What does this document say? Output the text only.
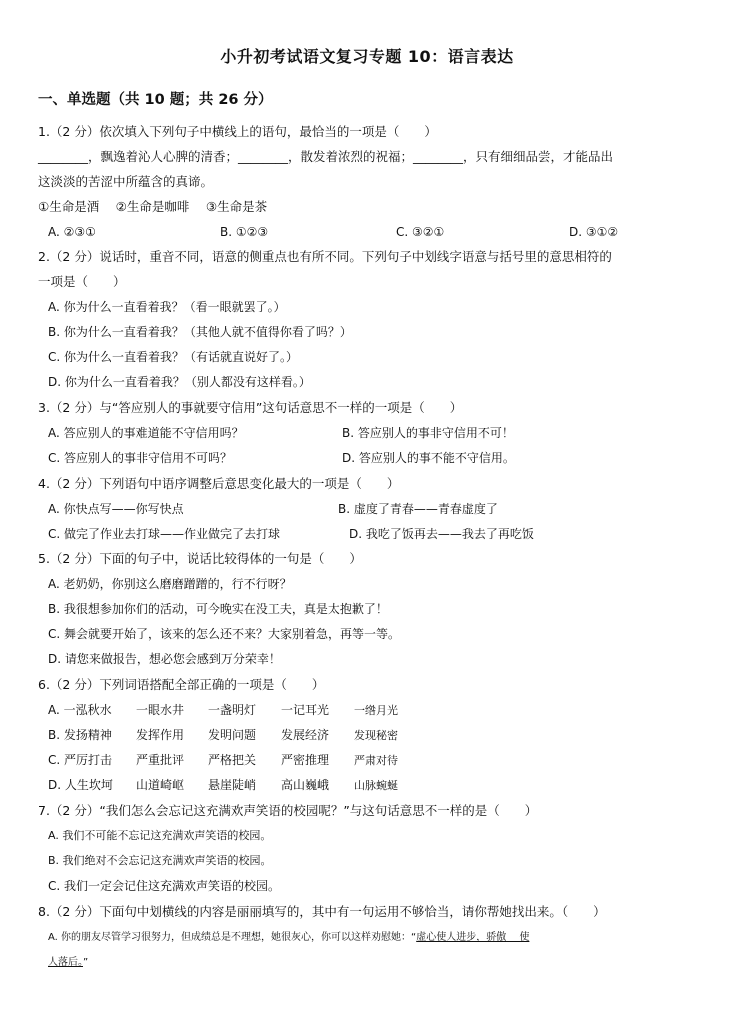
小升初考试语文复习专题 10：语言表达
一、单选题（共 10 题；共 26 分）
1.（2 分）依次填入下列句子中横线上的语句，最恰当的一项是（　　）
________，飘逸着沁人心脾的清香；________，散发着浓烈的祝福；________，只有细细品尝，才能品出
这淡淡的苦涩中所蕴含的真谛。
①生命是酒　 ②生命是咖啡　 ③生命是茶
A. ②③①	B. ①②③	C. ③②①	D. ③①②
2.（2 分）说话时，重音不同，语意的侧重点也有所不同。下列句子中划线字语意与括号里的意思相符的
一项是（　　）
A. 你为什么一直看着我？（看一眼就罢了。）
B. 你为什么一直看着我？（其他人就不值得你看了吗？）
C. 你为什么一直看着我？（有话就直说好了。）
D. 你为什么一直看着我？（别人都没有这样看。）
3.（2 分）与“答应别人的事就要守信用”这句话意思不一样的一项是（　　）
A. 答应别人的事难道能不守信用吗？	B. 答应别人的事非守信用不可！
C. 答应别人的事非守信用不可吗？	D. 答应别人的事不能不守信用。
4.（2 分）下列语句中语序调整后意思变化最大的一项是（　　）
A. 你快点写——你写快点	B. 虚度了青春——青春虚度了
C. 做完了作业去打球——作业做完了去打球	D. 我吃了饭再去——我去了再吃饭
5.（2 分）下面的句子中，说话比较得体的一句是（　　）
A. 老奶奶，你别这么磨磨蹭蹭的，行不行呀？
B. 我很想参加你们的活动，可今晚实在没工夫，真是太抱歉了！
C. 舞会就要开始了，该来的怎么还不来？大家别着急，再等一等。
D. 请您来做报告，想必您会感到万分荣幸！
6.（2 分）下列词语搭配全部正确的一项是（　　）
A. 一泓秋水 一眼水井 一盏明灯 一记耳光 一绺月光
B. 发扬精神 发挥作用 发明问题 发展经济 发现秘密
C. 严厉打击 严重批评 严格把关 严密推理 严肃对待
D. 人生坎坷 山道崎岖 悬崖陡峭 高山巍峨 山脉蜿蜒
7.（2 分）“我们怎么会忘记这充满欢声笑语的校园呢？”与这句话意思不一样的是（　　）
A. 我们不可能不忘记这充满欢声笑语的校园。
B. 我们绝对不会忘记这充满欢声笑语的校园。
C. 我们一定会记住这充满欢声笑语的校园。
8.（2 分）下面句中划横线的内容是丽丽填写的，其中有一句运用不够恰当，请你帮她找出来。（　　）
A. 你的朋友尽管学习很努力，但成绩总是不理想，她很灰心，你可以这样劝慰她：“虚心使人进步，骄傲　 使
人落后。”
